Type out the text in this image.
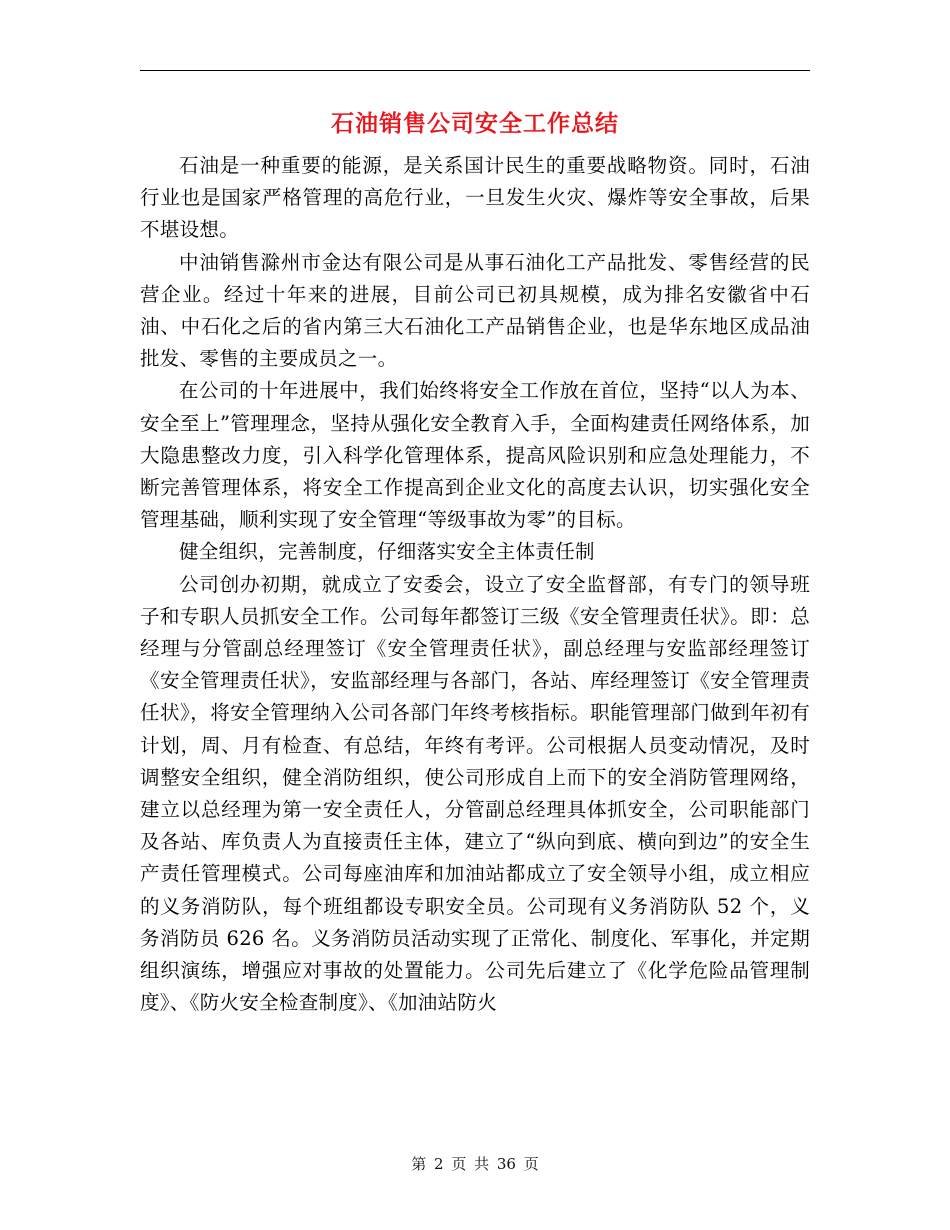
石油销售公司安全工作总结

石油是一种重要的能源，是关系国计民生的重要战略物资。同时，石油行业也是国家严格管理的高危行业，一旦发生火灾、爆炸等安全事故，后果不堪设想。

中油销售滁州市金达有限公司是从事石油化工产品批发、零售经营的民营企业。经过十年来的进展，目前公司已初具规模，成为排名安徽省中石油、中石化之后的省内第三大石油化工产品销售企业，也是华东地区成品油批发、零售的主要成员之一。

在公司的十年进展中，我们始终将安全工作放在首位，坚持“以人为本、安全至上”管理理念，坚持从强化安全教育入手，全面构建责任网络体系，加大隐患整改力度，引入科学化管理体系，提高风险识别和应急处理能力，不断完善管理体系，将安全工作提高到企业文化的高度去认识，切实强化安全管理基础，顺利实现了安全管理“等级事故为零”的目标。

健全组织，完善制度，仔细落实安全主体责任制

公司创办初期，就成立了安委会，设立了安全监督部，有专门的领导班子和专职人员抓安全工作。公司每年都签订三级《安全管理责任状》。即：总经理与分管副总经理签订《安全管理责任状》，副总经理与安监部经理签订《安全管理责任状》，安监部经理与各部门，各站、库经理签订《安全管理责任状》，将安全管理纳入公司各部门年终考核指标。职能管理部门做到年初有计划，周、月有检查、有总结，年终有考评。公司根据人员变动情况，及时调整安全组织，健全消防组织，使公司形成自上而下的安全消防管理网络，建立以总经理为第一安全责任人，分管副总经理具体抓安全，公司职能部门及各站、库负责人为直接责任主体，建立了“纵向到底、横向到边”的安全生产责任管理模式。公司每座油库和加油站都成立了安全领导小组，成立相应的义务消防队，每个班组都设专职安全员。公司现有义务消防队 52 个，义务消防员 626 名。义务消防员活动实现了正常化、制度化、军事化，并定期组织演练，增强应对事故的处置能力。公司先后建立了《化学危险品管理制度》、《防火安全检查制度》、《加油站防火

第 2 页 共 36 页
